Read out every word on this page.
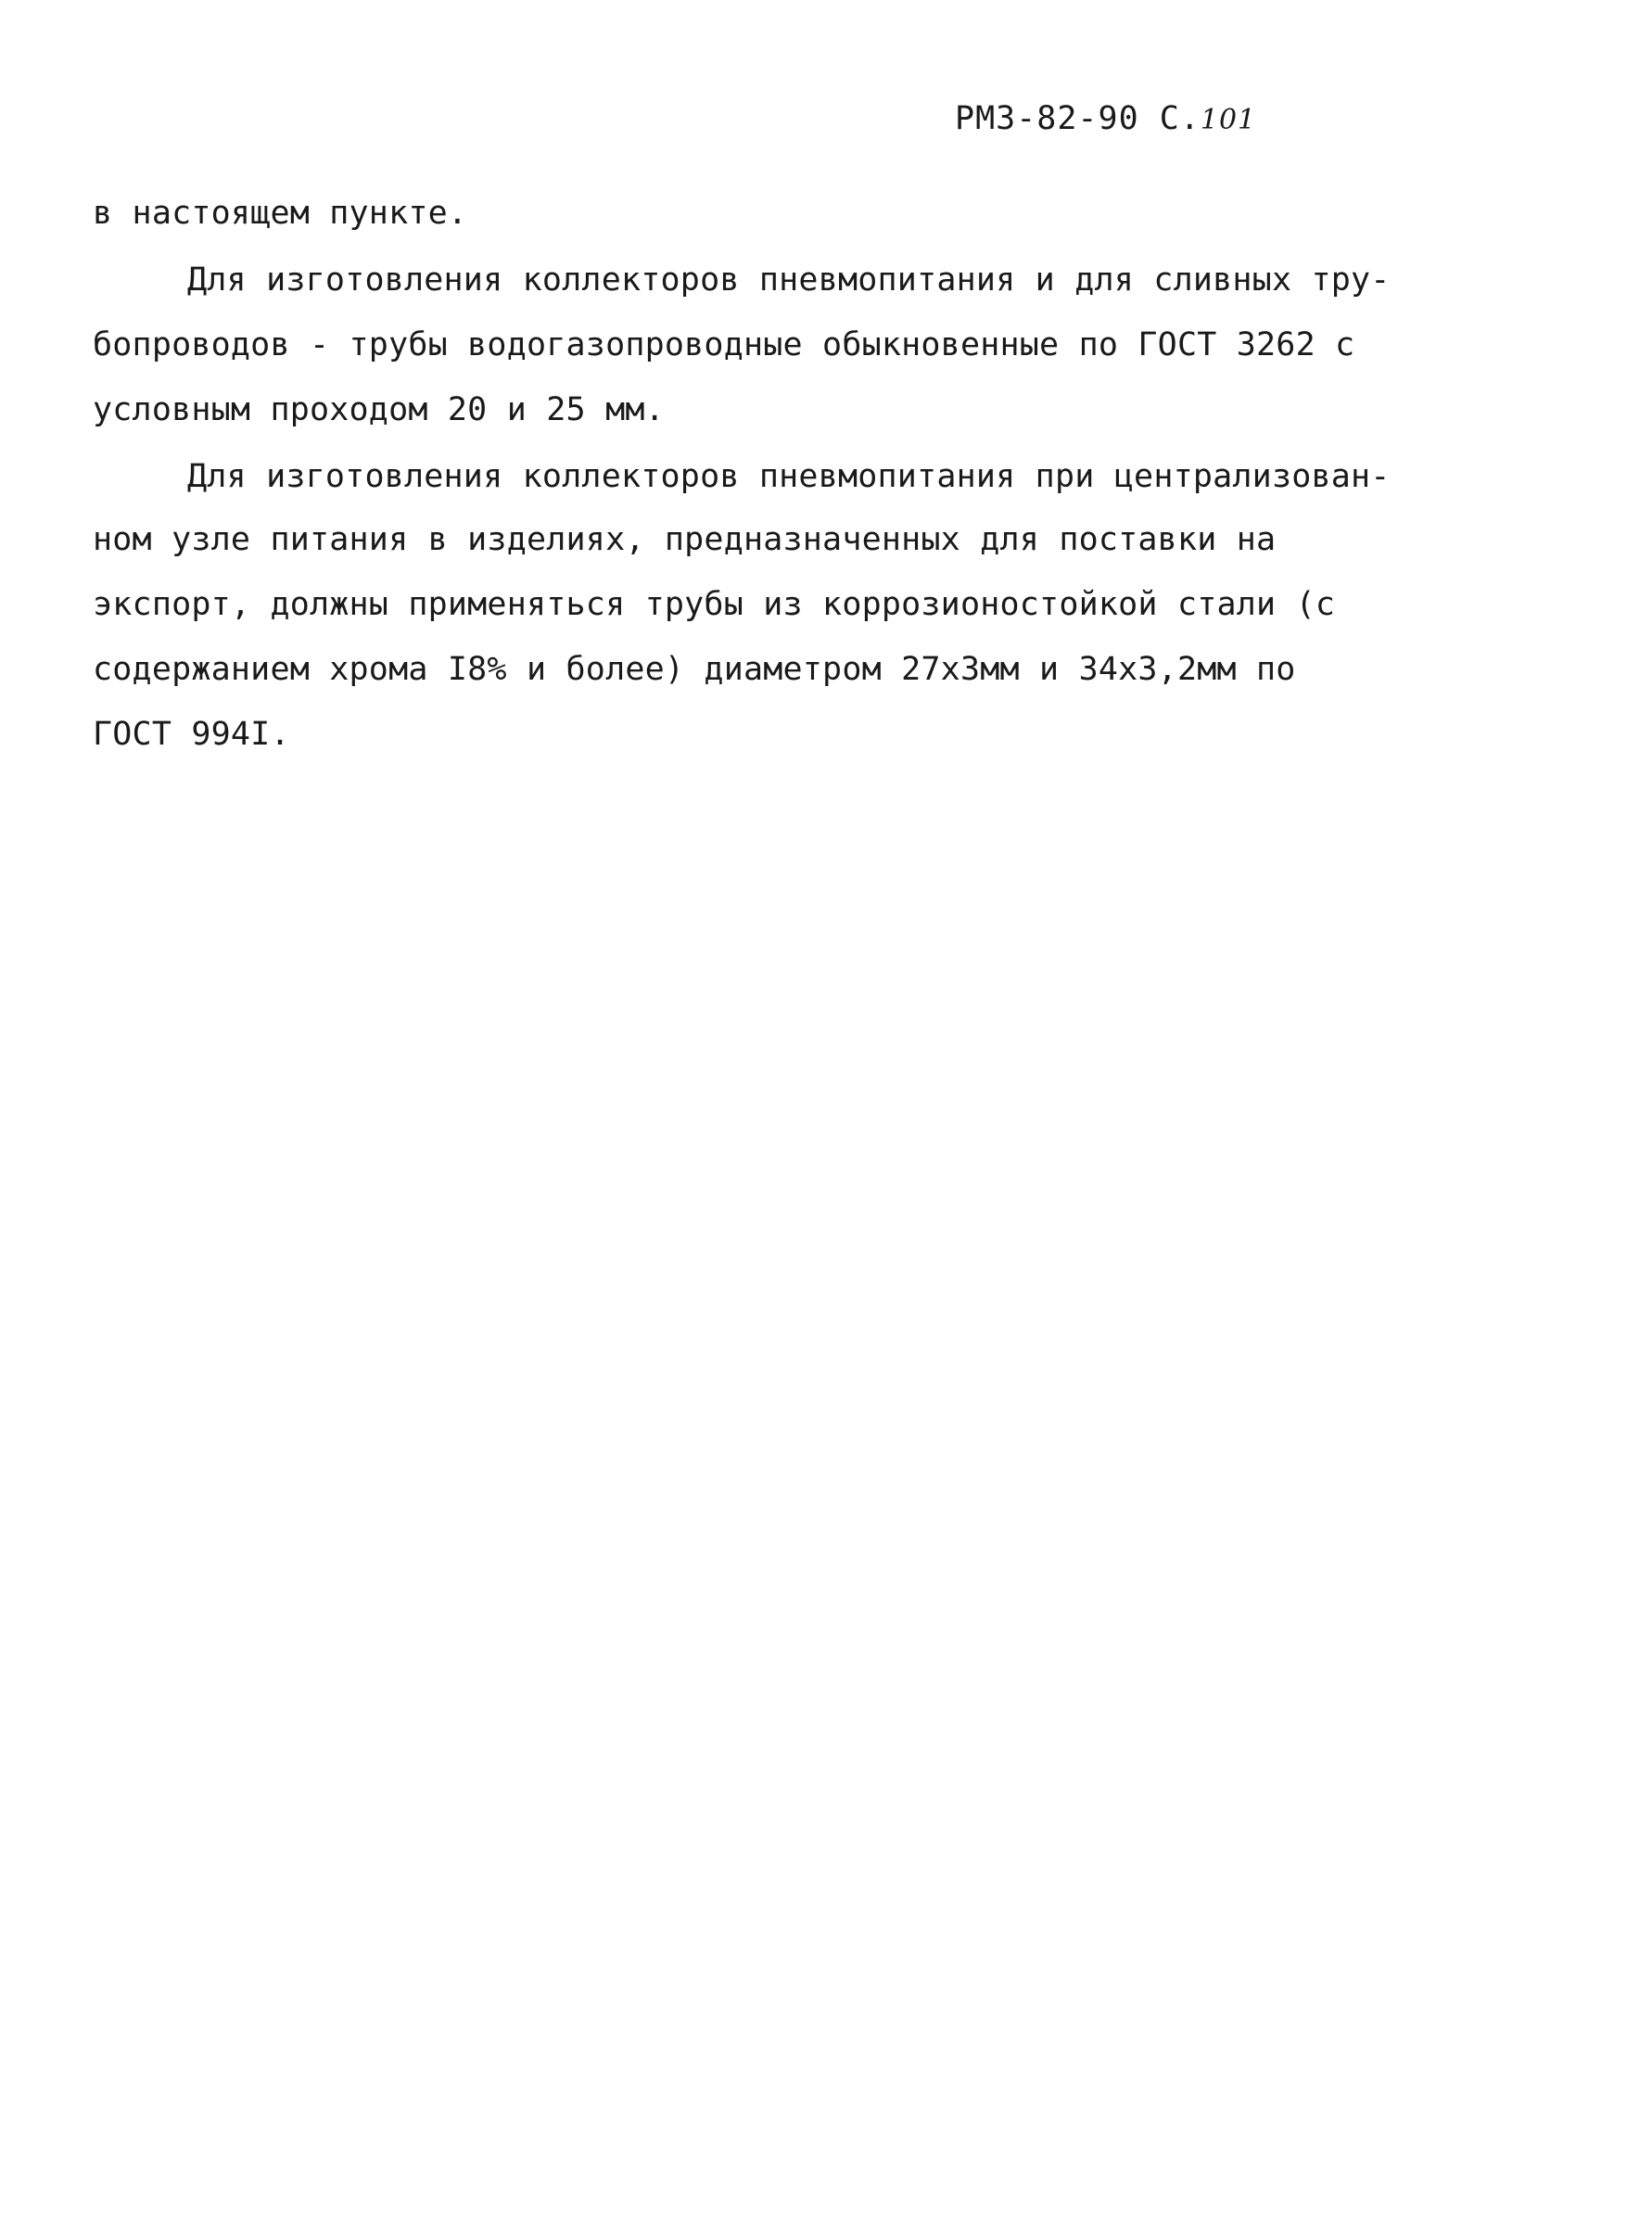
РМЗ-82-90 С.101
в настоящем пункте.
Для изготовления коллекторов пневмопитания и для сливных тру-
бопроводов - трубы водогазопроводные обыкновенные по ГОСТ 3262 с
условным проходом 20 и 25 мм.
Для изготовления коллекторов пневмопитания при централизован-
ном узле питания в изделиях, предназначенных для поставки на
экспорт, должны применяться трубы из коррозионостойкой стали (с
содержанием хрома I8% и более) диаметром 27х3мм и 34х3,2мм по
ГОСТ 994I.
